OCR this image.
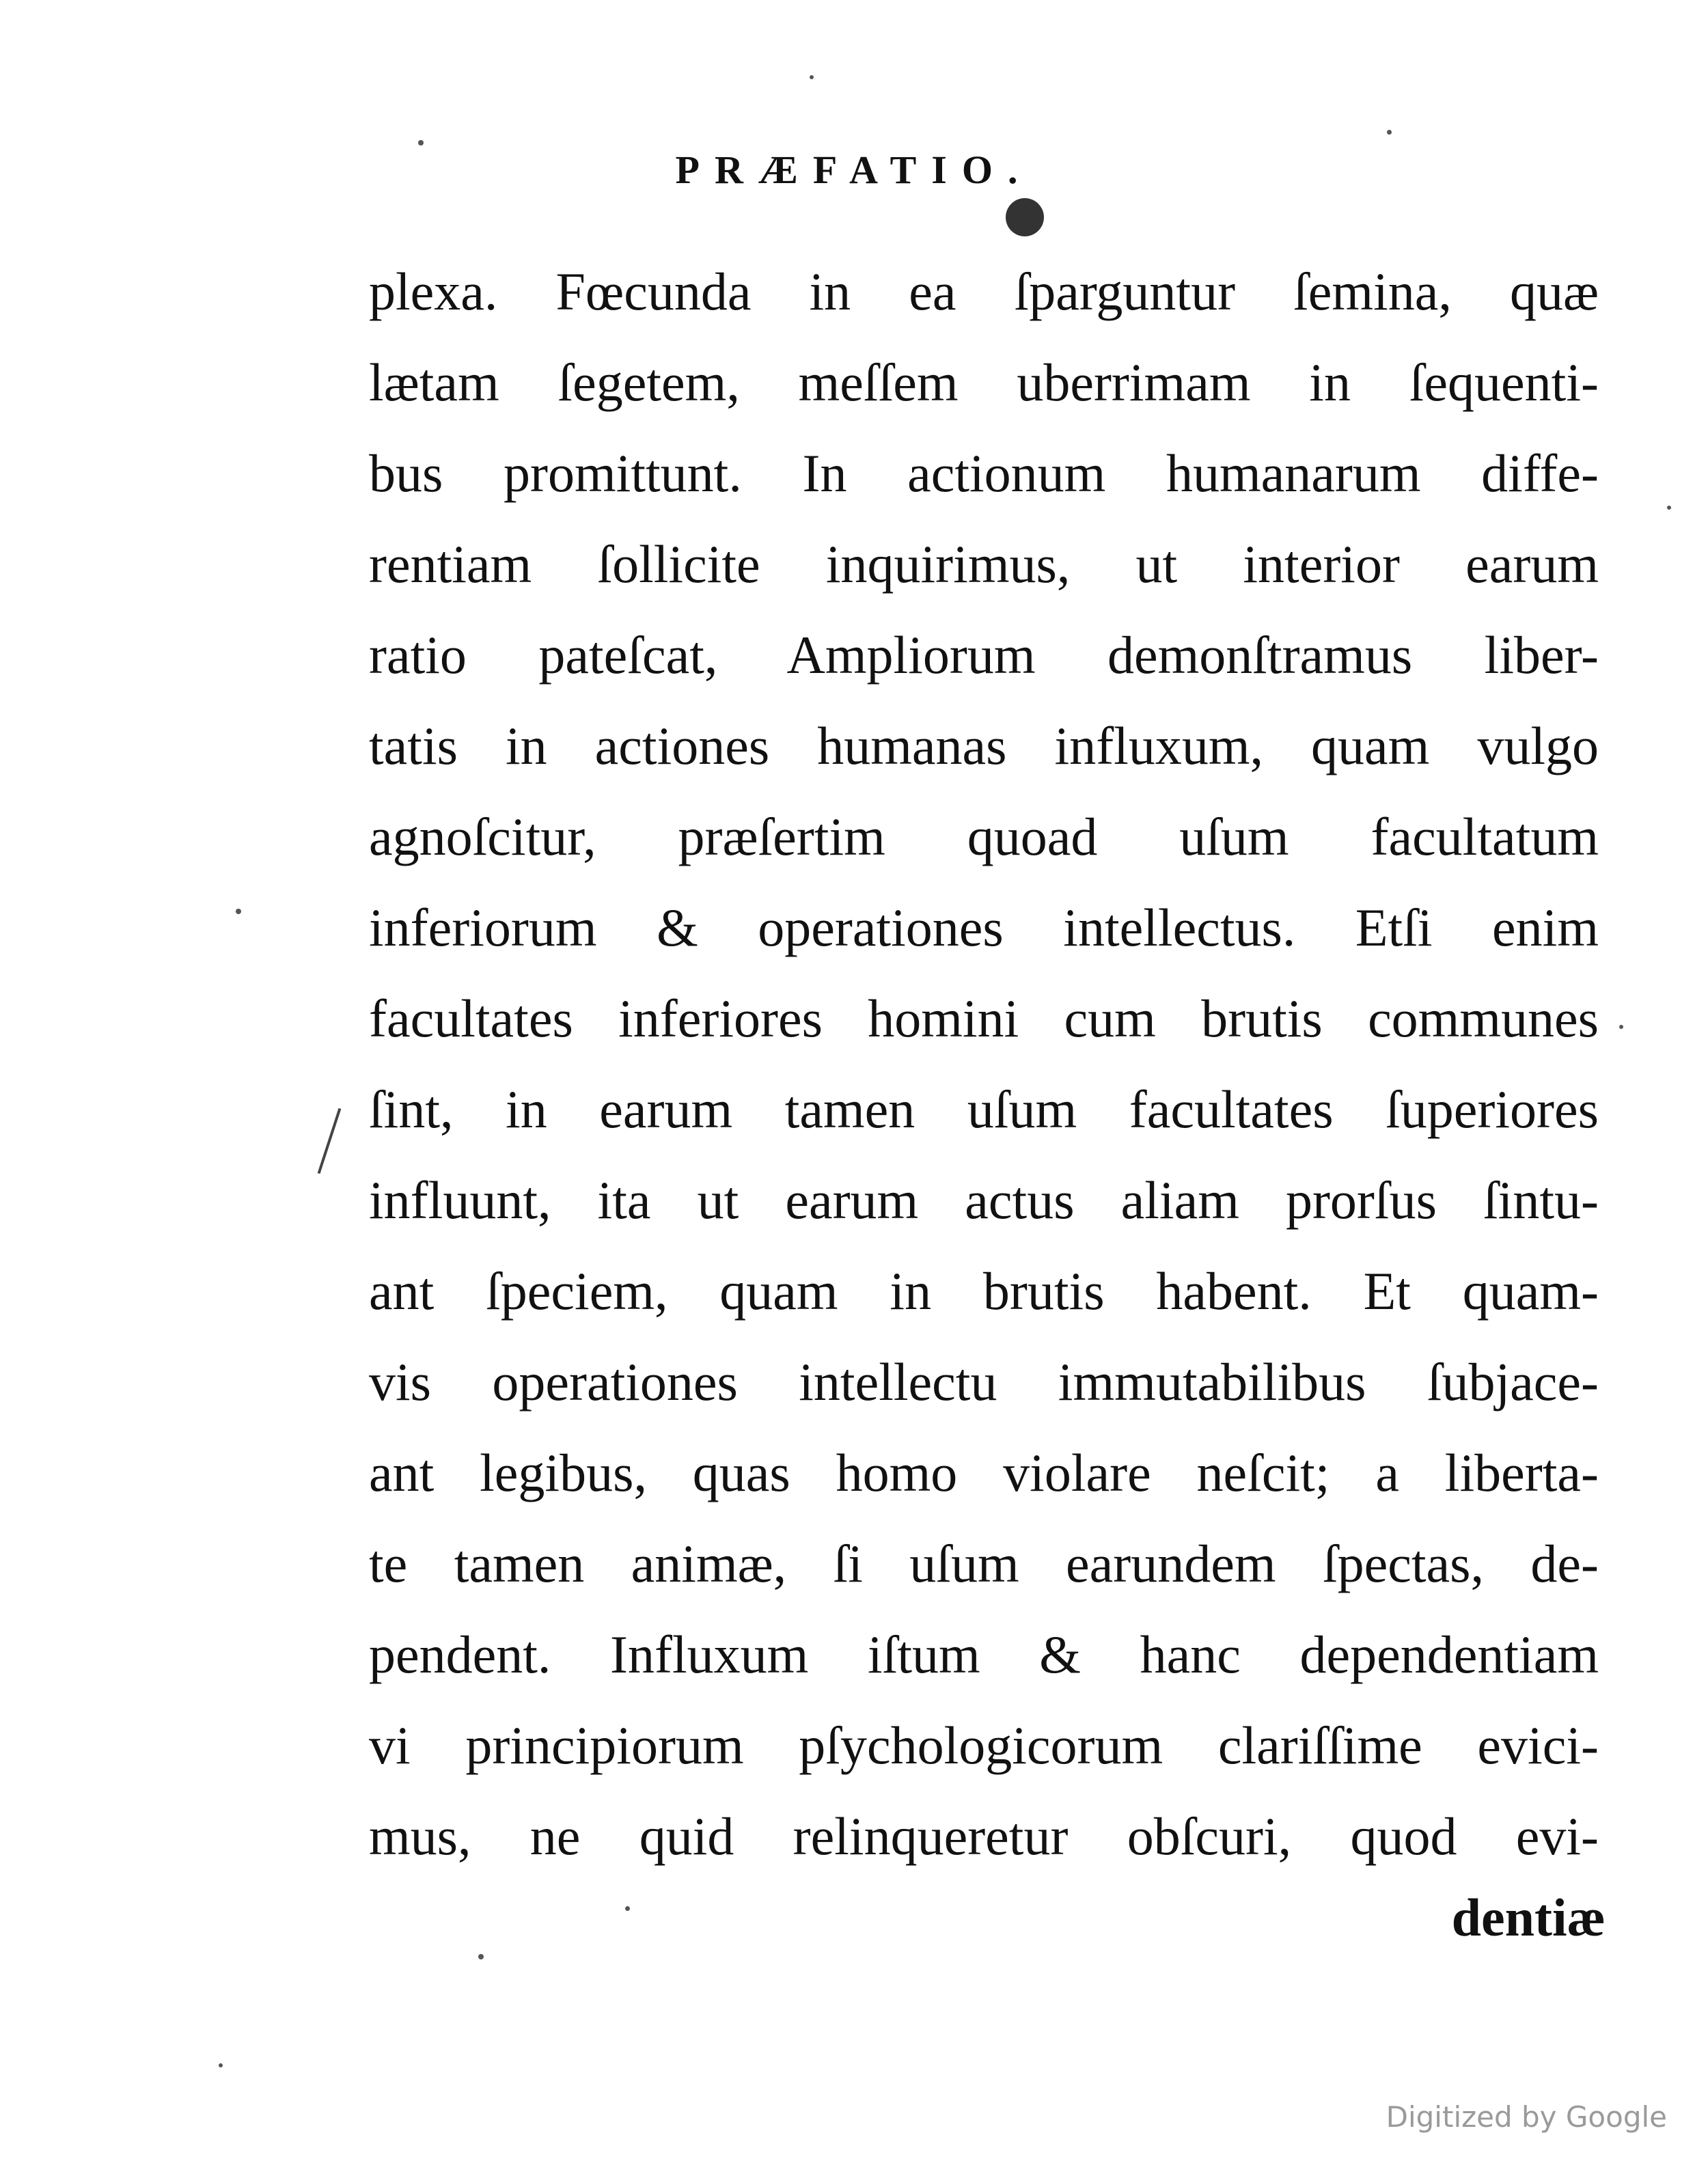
PRÆFATIO.
plexa. Fœcunda in ea ſparguntur ſemina, quæ
lætam ſegetem, meſſem uberrimam in ſequenti-
bus promittunt. In actionum humanarum diffe-
rentiam ſollicite inquirimus, ut interior earum
ratio pateſcat, Ampliorum demonſtramus liber-
tatis in actiones humanas influxum, quam vulgo
agnoſcitur, præſertim quoad uſum facultatum
inferiorum & operationes intellectus. Etſi enim
facultates inferiores homini cum brutis communes
ſint, in earum tamen uſum facultates ſuperiores
influunt, ita ut earum actus aliam prorſus ſintu-
ant ſpeciem, quam in brutis habent. Et quam-
vis operationes intellectu immutabilibus ſubjace-
ant legibus, quas homo violare neſcit; a liberta-
te tamen animæ, ſi uſum earundem ſpectas, de-
pendent. Influxum iſtum & hanc dependentiam
vi principiorum pſychologicorum clariſſime evici-
mus, ne quid relinqueretur obſcuri, quod evi-
dentiæ
Digitized by Google
